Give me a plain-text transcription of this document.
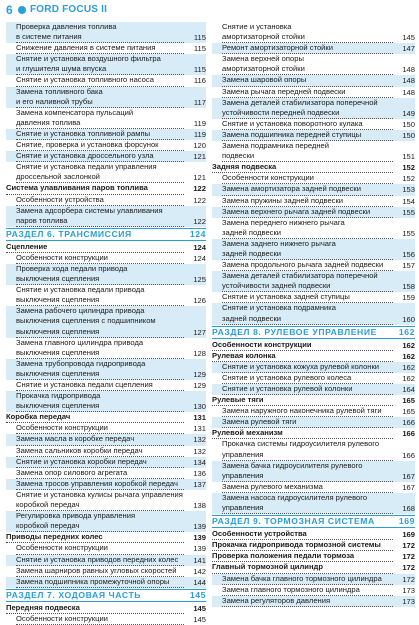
6 FORD FOCUS II
Проверка давления топлива
в системе питания	115
Снижение давления в системе питания	115
Снятие и установка воздушного фильтра
и глушителя шума впуска	115
Снятие и установка топливного насоса	116
Замена топливного бака
и его наливной трубы	117
Замена компенсатора пульсаций
давления топлива	119
Снятие и установка топливной рампы	119
Снятие, проверка и установка форсунок	120
Снятие и установка дроссельного узла	121
Снятие и установка педали управления
дроссельной заслонкой	121
Система улавливания паров топлива	122
Особенности устройства	122
Замена адсорбера системы улавливания
паров топлива	122
РАЗДЕЛ 6. ТРАНСМИССИЯ	124
Сцепление	124
Особенности конструкции	124
Проверка хода педали привода
выключения сцепления	125
Снятие и установка педали привода
выключения сцепления	126
Замена рабочего цилиндра привода
выключения сцепления с подшипником
выключения сцепления	127
Замена главного цилиндра привода
выключения сцепления	128
Замена трубопровода гидропривода
выключения сцепления	129
Снятие и установка педали сцепления	129
Прокачка гидропривода
выключения сцепления	130
Коробка передач	131
Особенности конструкции	131
Замена масла в коробке передач	132
Замена сальников коробки передач	132
Снятие и установка коробки передач	134
Замена опор силового агрегата	136
Замена тросов управления коробкой передач	137
Снятие и установка кулисы рычага управления
коробкой передач	138
Регулировка привода управления
коробкой передач	139
Приводы передних колес	139
Особенности конструкции	139
Снятие и установка приводов передних колес	141
Замена шарниров равных угловых скоростей	142
Замена подшипника промежуточной опоры	144
РАЗДЕЛ 7. ХОДОВАЯ ЧАСТЬ	145
Передняя подвеска	145
Особенности конструкции	145
Снятие и установка
амортизаторной стойки	145
Ремонт амортизаторной стойки	147
Замена верхней опоры
амортизаторной стойки	148
Замена шаровой опоры	148
Замена рычага передней подвески	148
Замена деталей стабилизатора поперечной
устойчивости передней подвески	149
Снятие и установка поворотного кулака	150
Замена подшипника передней ступицы	150
Замена подрамника передней
подвески	151
Задняя подвеска	152
Особенности конструкции	152
Замена амортизатора задней подвески	153
Замена пружины задней подвески	154
Замена верхнего рычага задней подвески	155
Замена переднего нижнего рычага
задней подвески	155
Замена заднего нижнего рычага
задней подвески	156
Замена продольного рычага задней подвески	157
Замена деталей стабилизатора поперечной
устойчивости задней подвески	158
Снятие и установка задней ступицы	159
Снятие и установка подрамника
задней подвески	160
РАЗДЕЛ 8. РУЛЕВОЕ УПРАВЛЕНИЕ	162
Особенности конструкции	162
Рулевая колонка	162
Снятие и установка кожуха рулевой колонки	162
Снятие и установка рулевого колеса	162
Снятие и установка рулевой колонки	164
Рулевые тяги	165
Замена наружного наконечника рулевой тяги	165
Замена рулевой тяги	166
Рулевой механизм	166
Прокачка системы гидроусилителя рулевого
управления	166
Замена бачка гидроусилителя рулевого
управления	167
Замена рулевого механизма	167
Замена насоса гидроусилителя рулевого
управления	168
РАЗДЕЛ 9. ТОРМОЗНАЯ СИСТЕМА	169
Особенности устройства	169
Прокачка гидропривода тормозной системы	172
Проверка положения педали тормоза	172
Главный тормозной цилиндр	172
Замена бачка главного тормозного цилиндра	172
Замена главного тормозного цилиндра	173
Замена регуляторов давления	173
